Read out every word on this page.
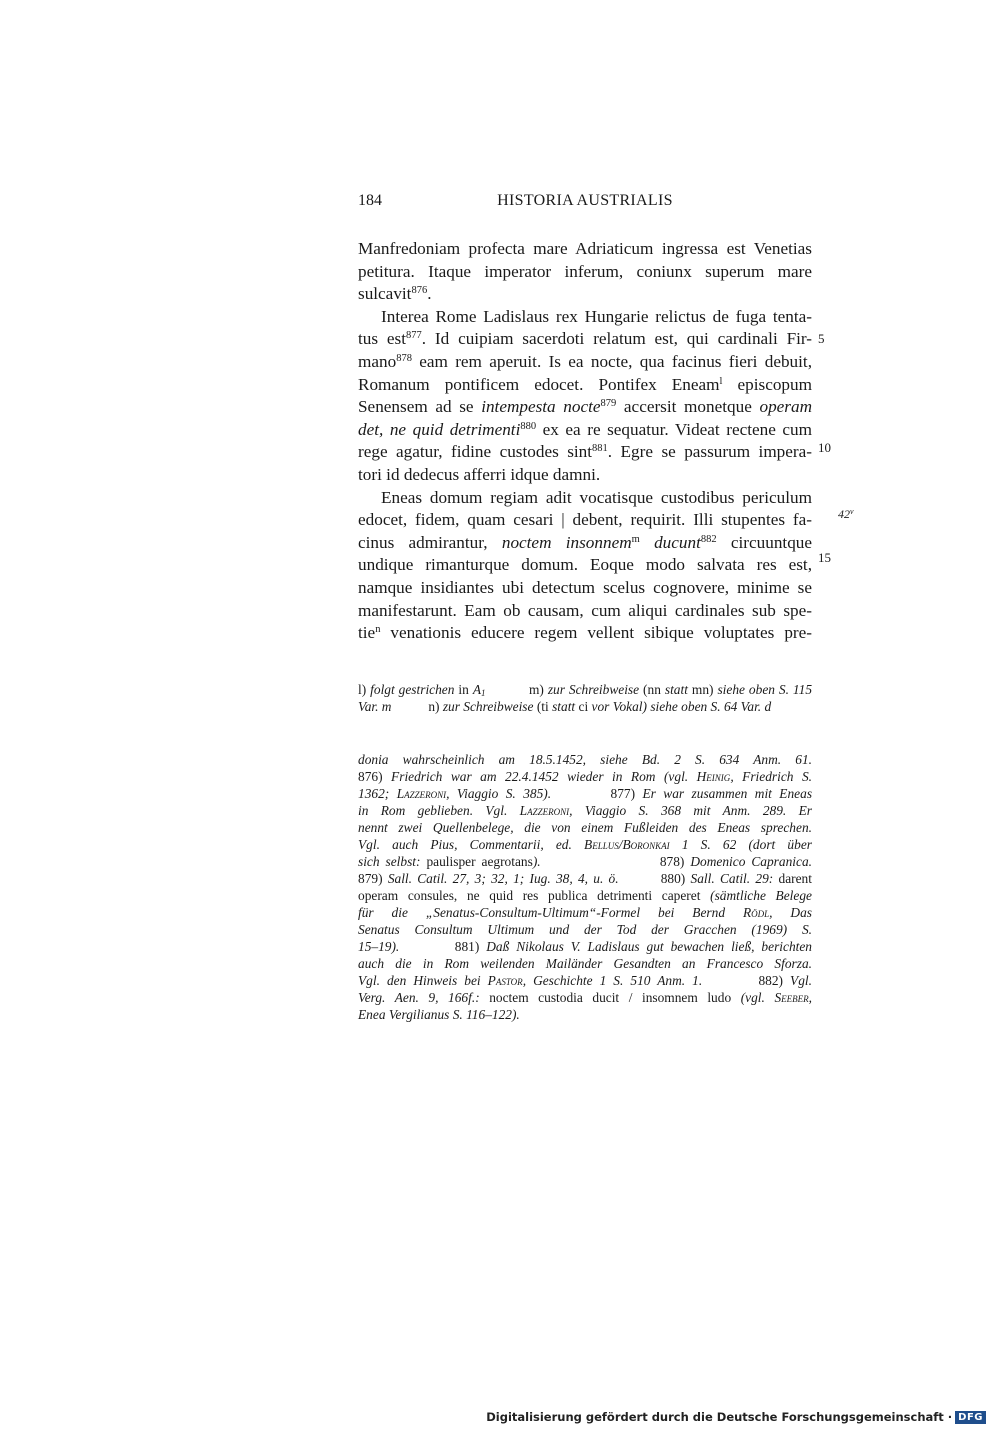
184	HISTORIA AUSTRIALIS

Manfredoniam profecta mare Adriaticum ingressa est Venetias

petitura. Itaque imperator inferum, coniunx superum mare

sulcavit$^{876}$.

Interea Rome Ladislaus rex Hungarie relictus de fuga tenta-

tus est$^{877}$. Id cuipiam sacerdoti relatum est, qui cardinali Fir-

mano$^{878}$ eam rem aperuit. Is ea nocte, qua facinus fieri debuit,

Romanum pontificem edocet. Pontifex Eneam$^l$ episcopum

Senensem ad se intempesta nocte$^{879}$ accersit monetque operam

det, ne quid detrimenti$^{880}$ ex ea re sequatur. Videat rectene cum

rege agatur, fidine custodes sint$^{881}$. Egre se passurum impera-

tori id dedecus afferri idque damni.

Eneas domum regiam adit vocatisque custodibus periculum

edocet, fidem, quam cesari | debent, requirit. Illi stupentes fa-

cinus admirantur, noctem insonnem$^m$ ducunt$^{882}$ circuuntque

undique rimanturque domum. Eoque modo salvata res est,

namque insidiantes ubi detectum scelus cognovere, minime se

manifestarunt. Eam ob causam, cum aliqui cardinales sub spe-

tie$^n$ venationis educere regem vellent sibique voluptates pre-

5
10
15
42$^v$
l) folgt gestrichen in $A_1$	m) zur Schreibweise (nn statt mn) siehe oben S. 115 Var. m	n) zur Schreibweise (ti statt ci vor Vokal) siehe oben S. 64 Var. d

donia wahrscheinlich am 18.5.1452, siehe Bd. 2 S. 634 Anm. 61.

876) Friedrich war am 22.4.1452 wieder in Rom (vgl. Heinig, Friedrich S.

1362; Lazzeroni, Viaggio S. 385).	877) Er war zusammen mit Eneas

in Rom geblieben. Vgl. Lazzeroni, Viaggio S. 368 mit Anm. 289. Er

nennt zwei Quellenbelege, die von einem Fußleiden des Eneas sprechen.

Vgl. auch Pius, Commentarii, ed. Bellus/Boronkai 1 S. 62 (dort über

sich selbst: paulisper aegrotans).	878) Domenico Capranica.

879) Sall. Catil. 27, 3; 32, 1; Iug. 38, 4, u. ö.	880) Sall. Catil. 29: darent

operam consules, ne quid res publica detrimenti caperet (sämtliche Belege

für die „Senatus-Consultum-Ultimum“-Formel bei Bernd Rödl, Das

Senatus Consultum Ultimum und der Tod der Gracchen (1969) S.

15–19).	881) Daß Nikolaus V. Ladislaus gut bewachen ließ, berichten

auch die in Rom weilenden Mailänder Gesandten an Francesco Sforza.

Vgl. den Hinweis bei Pastor, Geschichte 1 S. 510 Anm. 1.	882) Vgl.

Verg. Aen. 9, 166f.: noctem custodia ducit / insomnem ludo (vgl. Seeber,

Enea Vergilianus S. 116–122).

Digitalisierung gefördert durch die Deutsche Forschungsgemeinschaft · DFG
